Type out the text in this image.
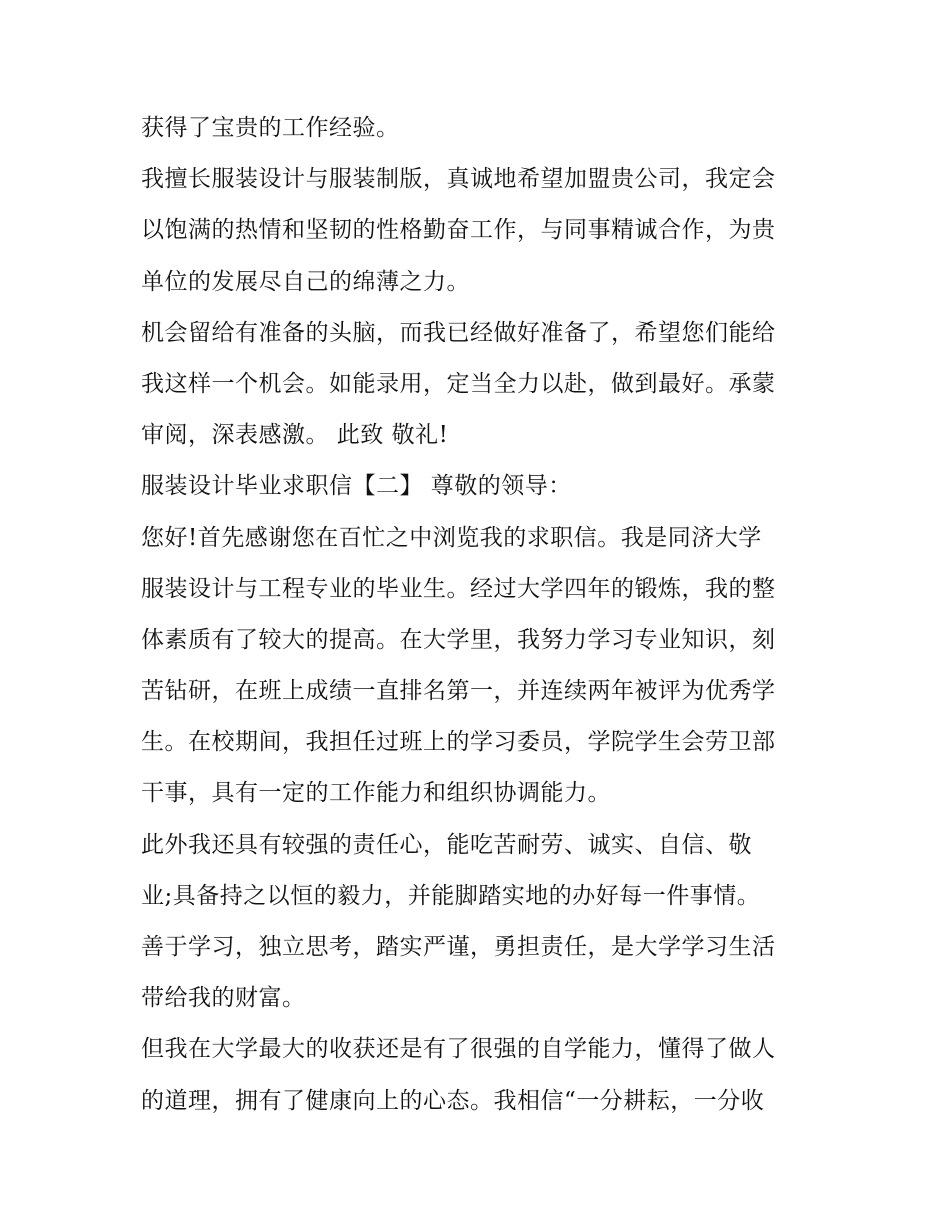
获得了宝贵的工作经验。
我擅长服装设计与服装制版，真诚地希望加盟贵公司，我定会
以饱满的热情和坚韧的性格勤奋工作，与同事精诚合作，为贵
单位的发展尽自己的绵薄之力。
机会留给有准备的头脑，而我已经做好准备了，希望您们能给
我这样一个机会。如能录用，定当全力以赴，做到最好。承蒙
审阅，深表感激。 此致 敬礼!
服装设计毕业求职信【二】 尊敬的领导：
您好!首先感谢您在百忙之中浏览我的求职信。我是同济大学
服装设计与工程专业的毕业生。经过大学四年的锻炼，我的整
体素质有了较大的提高。在大学里，我努力学习专业知识，刻
苦钻研，在班上成绩一直排名第一，并连续两年被评为优秀学
生。在校期间，我担任过班上的学习委员，学院学生会劳卫部
干事，具有一定的工作能力和组织协调能力。
此外我还具有较强的责任心，能吃苦耐劳、诚实、自信、敬
业;具备持之以恒的毅力，并能脚踏实地的办好每一件事情。
善于学习，独立思考，踏实严谨，勇担责任，是大学学习生活
带给我的财富。
但我在大学最大的收获还是有了很强的自学能力，懂得了做人
的道理，拥有了健康向上的心态。我相信“一分耕耘，一分收
